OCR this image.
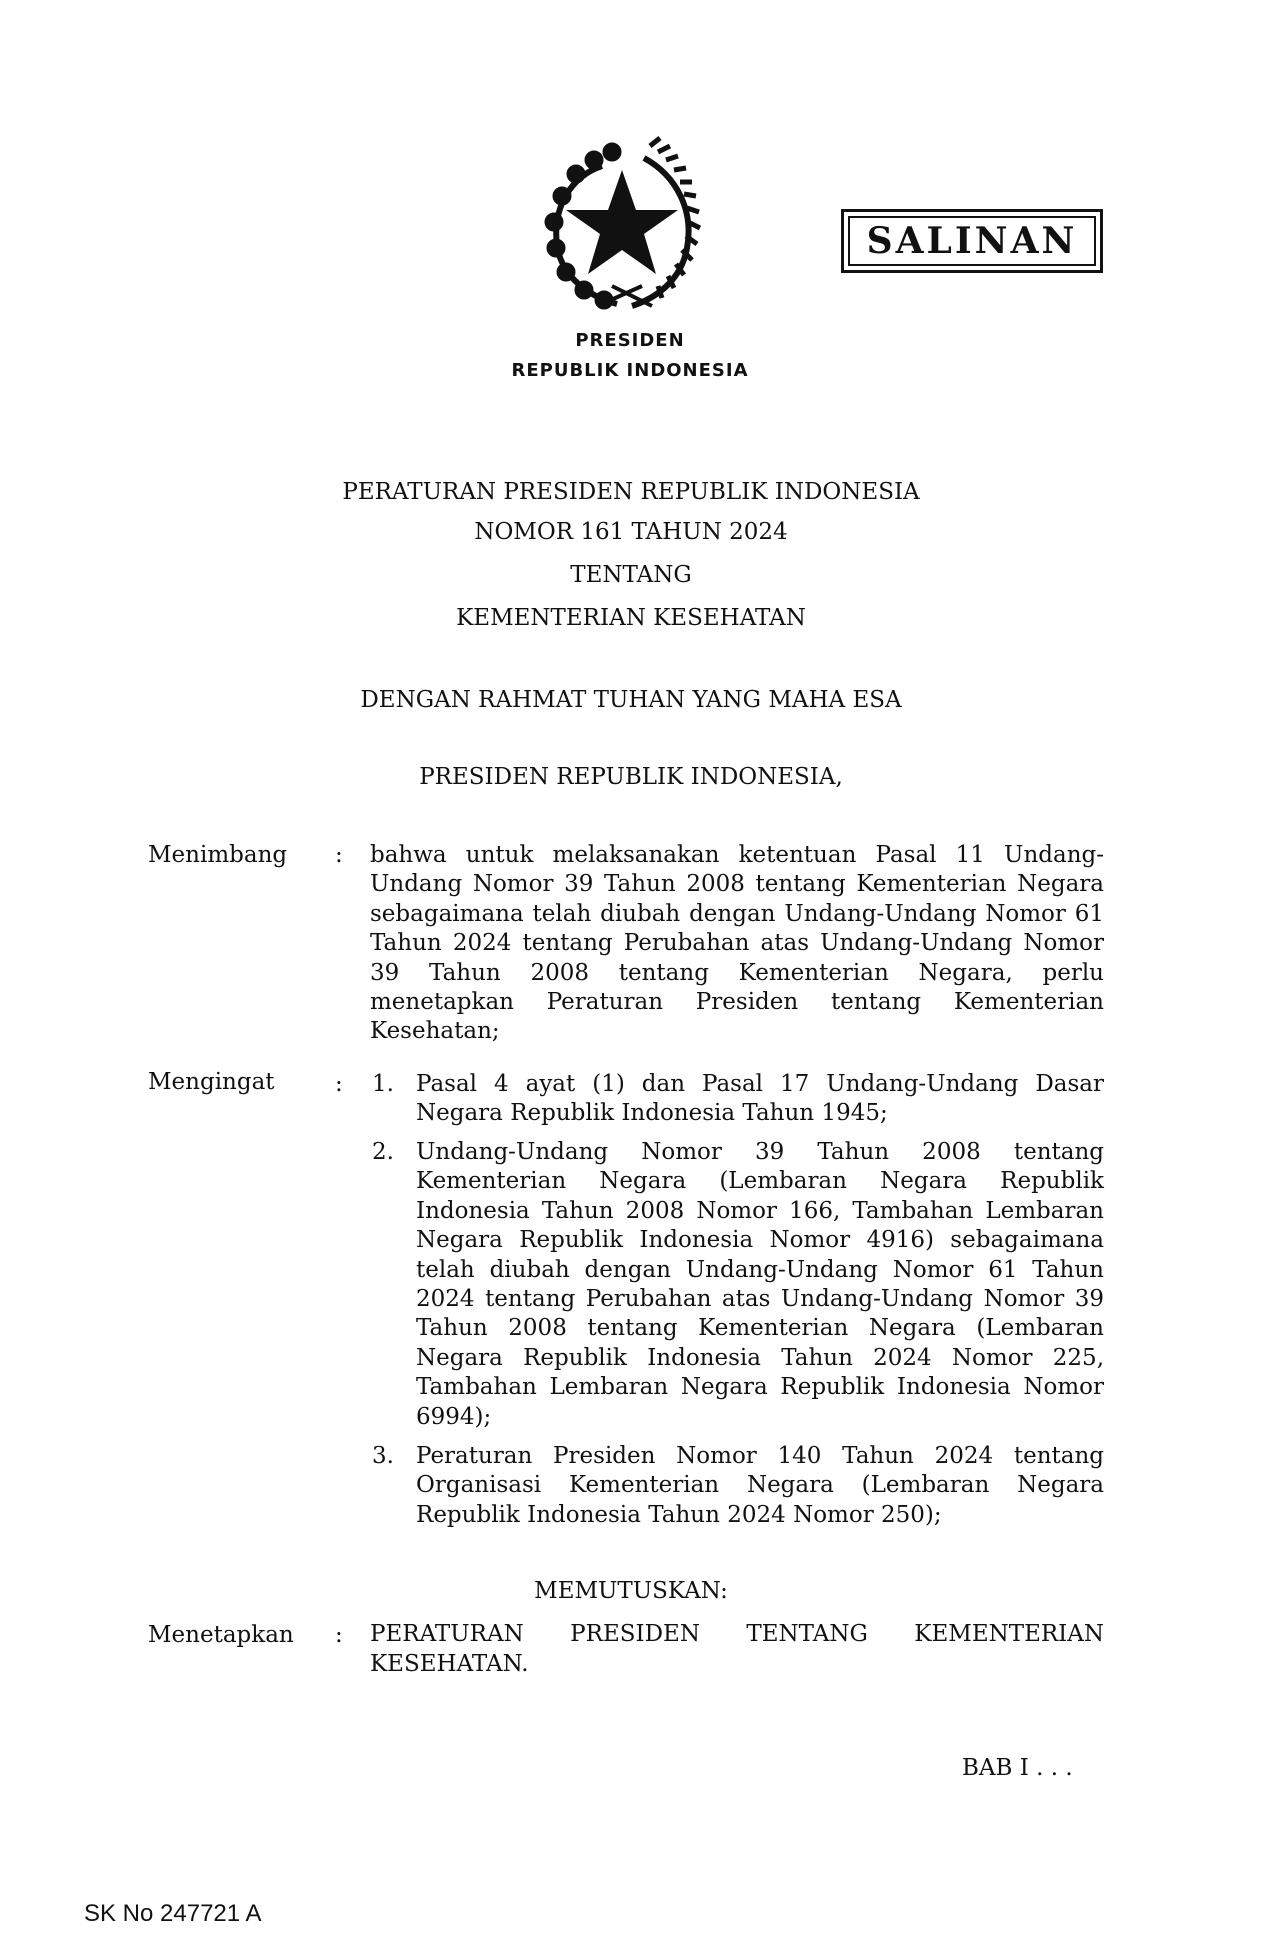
PRESIDEN
REPUBLIK INDONESIA
SALINAN
PERATURAN PRESIDEN REPUBLIK INDONESIA
NOMOR 161 TAHUN 2024
TENTANG
KEMENTERIAN KESEHATAN
DENGAN RAHMAT TUHAN YANG MAHA ESA
PRESIDEN REPUBLIK INDONESIA,
Menimbang : bahwa untuk melaksanakan ketentuan Pasal 11 Undang-Undang Nomor 39 Tahun 2008 tentang Kementerian Negara sebagaimana telah diubah dengan Undang-Undang Nomor 61 Tahun 2024 tentang Perubahan atas Undang-Undang Nomor 39 Tahun 2008 tentang Kementerian Negara, perlu menetapkan Peraturan Presiden tentang Kementerian Kesehatan;
Mengingat	: 1. Pasal 4 ayat (1) dan Pasal 17 Undang-Undang Dasar Negara Republik Indonesia Tahun 1945;
2. Undang-Undang Nomor 39 Tahun 2008 tentang Kementerian Negara (Lembaran Negara Republik Indonesia Tahun 2008 Nomor 166, Tambahan Lembaran Negara Republik Indonesia Nomor 4916) sebagaimana telah diubah dengan Undang-Undang Nomor 61 Tahun 2024 tentang Perubahan atas Undang-Undang Nomor 39 Tahun 2008 tentang Kementerian Negara (Lembaran Negara Republik Indonesia Tahun 2024 Nomor 225, Tambahan Lembaran Negara Republik Indonesia Nomor 6994);
3. Peraturan Presiden Nomor 140 Tahun 2024 tentang Organisasi Kementerian Negara (Lembaran Negara Republik Indonesia Tahun 2024 Nomor 250);
MEMUTUSKAN:
Menetapkan : PERATURAN PRESIDEN TENTANG KEMENTERIAN
KESEHATAN.
BAB I . . .
SK No 247721 A
